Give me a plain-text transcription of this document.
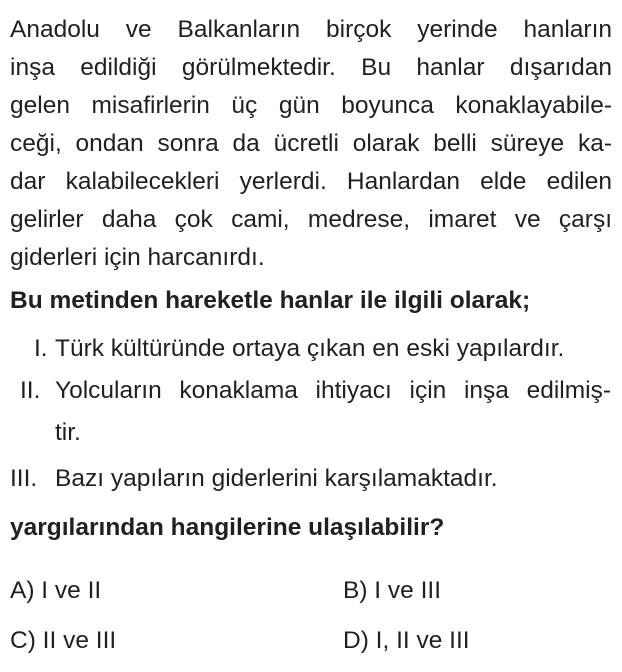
Anadolu ve Balkanların birçok yerinde hanların
inşa edildiği görülmektedir. Bu hanlar dışarıdan
gelen misafirlerin üç gün boyunca konaklayabile-
ceği, ondan sonra da ücretli olarak belli süreye ka-
dar kalabilecekleri yerlerdi. Hanlardan elde edilen
gelirler daha çok cami, medrese, imaret ve çarşı
giderleri için harcanırdı.
Bu metinden hareketle hanlar ile ilgili olarak;
I. Türk kültüründe ortaya çıkan en eski yapılardır.
II. Yolcuların konaklama ihtiyacı için inşa edilmiş-
tir.
III. Bazı yapıların giderlerini karşılamaktadır.
yargılarından hangilerine ulaşılabilir?
A) I ve II	B) I ve III
C) II ve III	D) I, II ve III
